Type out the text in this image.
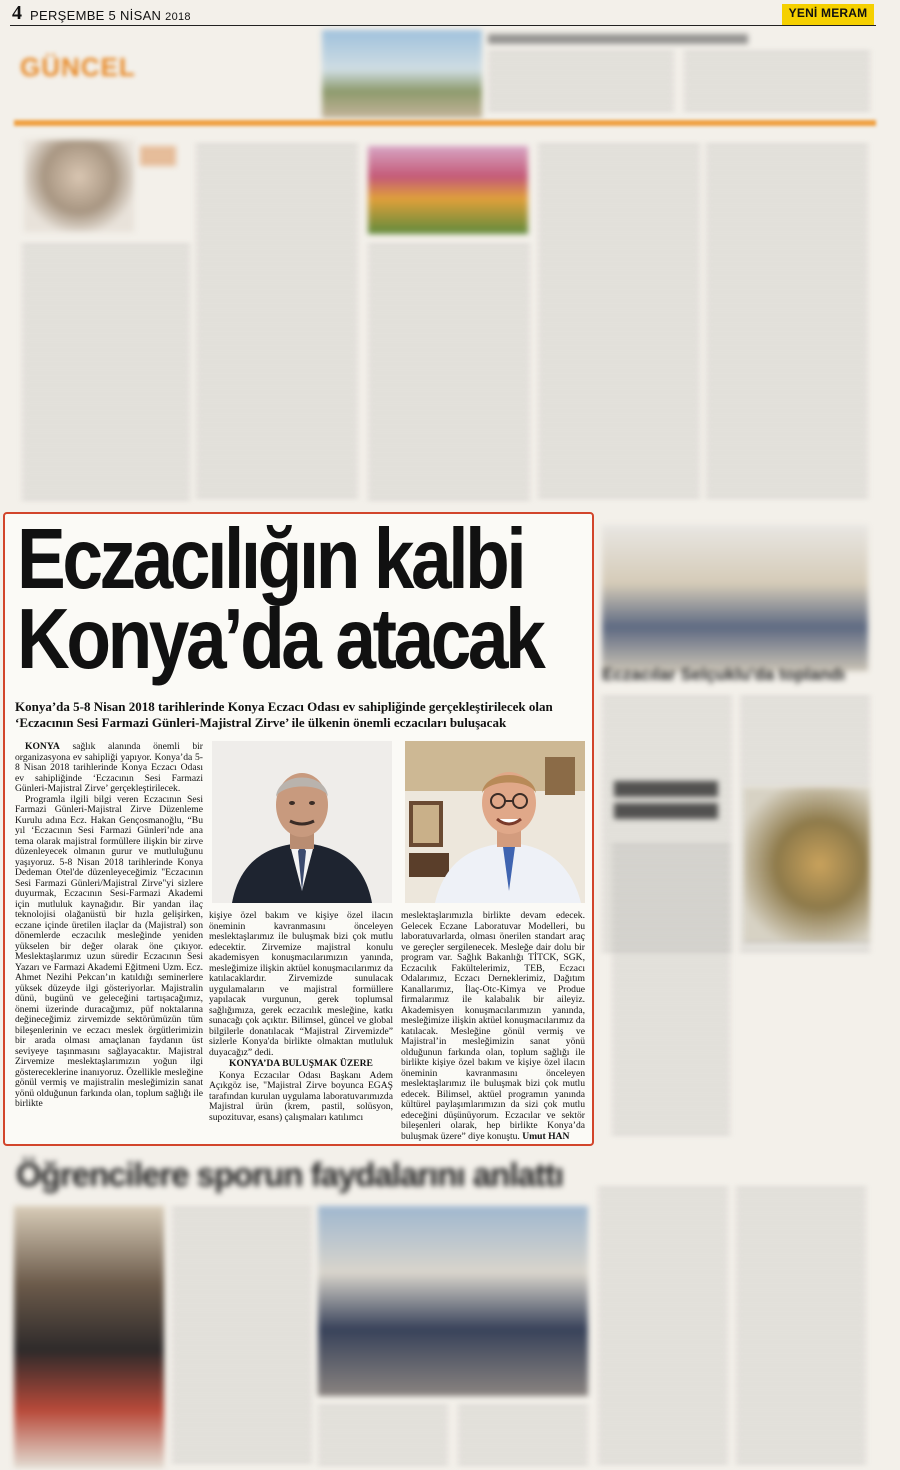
4 PERŞEMBE 5 NİSAN 2018	YENİ MERAM
GÜNCEL
Eczacılar Selçuklu'da toplandı
Öğrencilere sporun faydalarını anlattı
Eczacılığın kalbi
Konya’da atacak
Konya’da 5-8 Nisan 2018 tarihlerinde Konya Eczacı Odası ev sahipliğinde gerçekleştirilecek olan ‘Eczacının Sesi Farmazi Günleri-Majistral Zirve’ ile ülkenin önemli eczacıları buluşacak

KONYA sağlık alanında önemli bir organizasyona ev sahipliği yapıyor. Konya’da 5-8 Nisan 2018 tarihlerinde Konya Eczacı Odası ev sahipliğinde ‘Eczacının Sesi Farmazi Günleri-Majistral Zirve’ gerçekleştirilecek.

Programla ilgili bilgi veren Eczacının Sesi Farmazi Günleri-Majistral Zirve Düzenleme Kurulu adına Ecz. Hakan Gençosmanoğlu, “Bu yıl ‘Eczacının Sesi Farmazi Günleri’nde ana tema olarak majistral formüllere ilişkin bir zirve düzenleyecek olmanın gurur ve mutluluğunu yaşıyoruz. 5-8 Nisan 2018 tarihlerinde Konya Dedeman Otel'de düzenleyeceğimiz "Eczacının Sesi Farmazi Günleri/Majistral Zirve"yi sizlere duyurmak, Eczacının Sesi-Farmazi Akademi için mutluluk kaynağıdır. Bir yandan ilaç teknolojisi olağanüstü bir hızla gelişirken, eczane içinde üretilen ilaçlar da (Majistral) son dönemlerde eczacılık mesleğinde yeniden yükselen bir değer olarak öne çıkıyor. Meslektaşlarımız uzun süredir Eczacının Sesi Yazarı ve Farmazi Akademi Eğitmeni Uzm. Ecz. Ahmet Nezihi Pekcan’ın katıldığı seminerlere yüksek düzeyde ilgi gösteriyorlar. Majistralin dünü, bugünü ve geleceğini tartışacağımız, önemi üzerinde duracağımız, püf noktalarına değineceğimiz zirvemizde sektörümüzün tüm bileşenlerinin ve eczacı meslek örgütlerimizin bir arada olması amaçlanan faydanın üst seviyeye taşınmasını sağlayacaktır. Majistral Zirvemize meslektaşlarımızın yoğun ilgi göstereceklerine inanıyoruz. Özellikle mesleğine gönül vermiş ve majistralin mesleğimizin sanat yönü olduğunun farkında olan, toplum sağlığı ile birlikte

kişiye özel bakım ve kişiye özel ilacın öneminin kavranmasını önceleyen meslektaşlarımız ile buluşmak bizi çok mutlu edecektir. Zirvemize majistral konulu akademisyen konuşmacılarımızın yanında, mesleğimize ilişkin aktüel konuşmacılarımız da katılacaklardır. Zirvemizde sunulacak uygulamaların ve majistral formüllere yapılacak vurgunun, gerek toplumsal sağlığımıza, gerek eczacılık mesleğine, katkı sunacağı çok açıktır. Bilimsel, güncel ve global bilgilerle donatılacak “Majistral Zirvemizde” sizlerle Konya'da birlikte olmaktan mutluluk duyacağız” dedi.

KONYA’DA BULUŞMAK ÜZERE

Konya Eczacılar Odası Başkanı Adem Açıkgöz ise, "Majistral Zirve boyunca EGAŞ tarafından kurulan uygulama laboratuvarımızda Majistral ürün (krem, pastil, solüsyon, supozituvar, esans) çalışmaları katılımcı

meslektaşlarımızla birlikte devam edecek. Gelecek Eczane Laboratuvar Modelleri, bu laboratuvarlarda, olması önerilen standart araç ve gereçler sergilenecek. Mesleğe dair dolu bir program var. Sağlık Bakanlığı TİTCK, SGK, Eczacılık Fakültelerimiz, TEB, Eczacı Odalarımız, Eczacı Derneklerimiz, Dağıtım Kanallarımız, İlaç-Otc-Kimya ve Produe firmalarımız ile kalabalık bir aileyiz. Akademisyen konuşmacılarımızın yanında, mesleğimize ilişkin aktüel konuşmacılarımız da katılacak. Mesleğine gönül vermiş ve Majistral’in mesleğimizin sanat yönü olduğunun farkında olan, toplum sağlığı ile birlikte kişiye özel bakım ve kişiye özel ilacın öneminin kavranmasını önceleyen meslektaşlarımız ile buluşmak bizi çok mutlu edecek. Bilimsel, aktüel programın yanında kültürel paylaşımlarımızın da sizi çok mutlu edeceğini düşünüyorum. Eczacılar ve sektör bileşenleri olarak, hep birlikte Konya’da buluşmak üzere” diye konuştu. Umut HAN
